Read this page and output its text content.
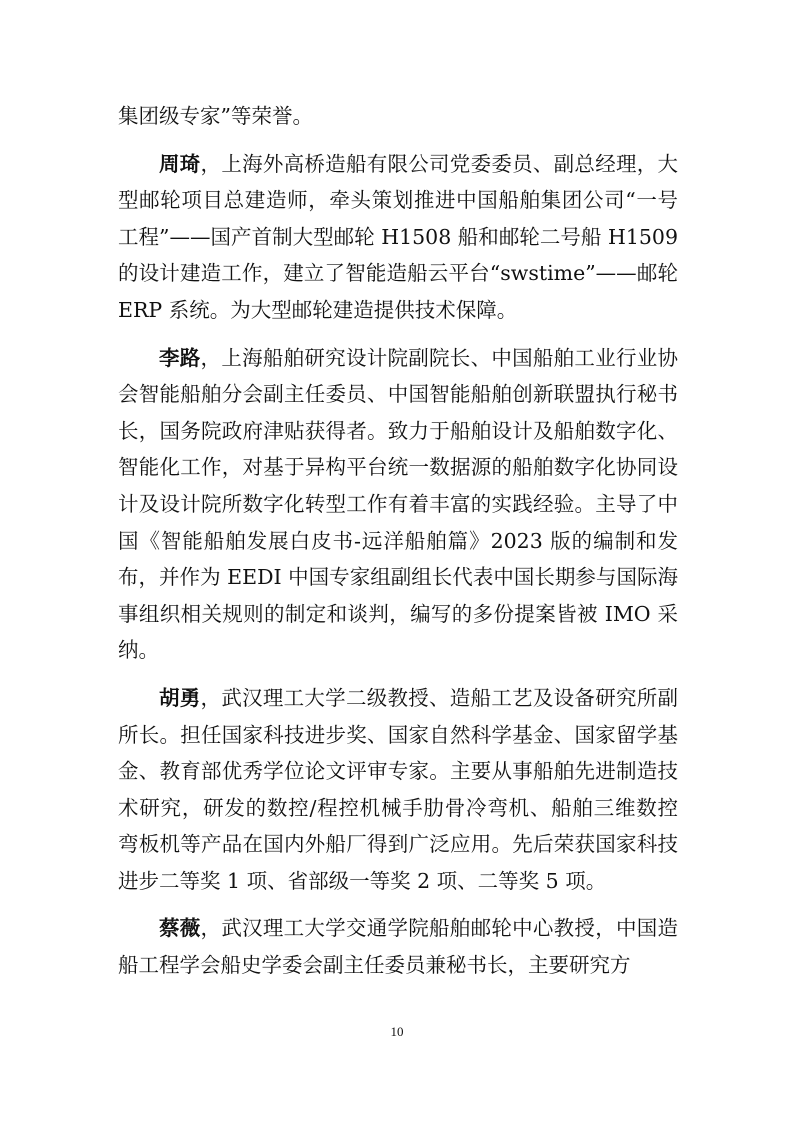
集团级专家”等荣誉。

周琦，上海外高桥造船有限公司党委委员、副总经理，大型邮轮项目总建造师，牵头策划推进中国船舶集团公司“一号工程”——国产首制大型邮轮 H1508 船和邮轮二号船 H1509 的设计建造工作，建立了智能造船云平台“swstime”——邮轮 ERP 系统。为大型邮轮建造提供技术保障。

李路，上海船舶研究设计院副院长、中国船舶工业行业协会智能船舶分会副主任委员、中国智能船舶创新联盟执行秘书长，国务院政府津贴获得者。致力于船舶设计及船舶数字化、智能化工作，对基于异构平台统一数据源的船舶数字化协同设计及设计院所数字化转型工作有着丰富的实践经验。主导了中国《智能船舶发展白皮书-远洋船舶篇》2023 版的编制和发布，并作为 EEDI 中国专家组副组长代表中国长期参与国际海事组织相关规则的制定和谈判，编写的多份提案皆被 IMO 采纳。

胡勇，武汉理工大学二级教授、造船工艺及设备研究所副所长。担任国家科技进步奖、国家自然科学基金、国家留学基金、教育部优秀学位论文评审专家。主要从事船舶先进制造技术研究，研发的数控/程控机械手肋骨冷弯机、船舶三维数控弯板机等产品在国内外船厂得到广泛应用。先后荣获国家科技进步二等奖 1 项、省部级一等奖 2 项、二等奖 5 项。

蔡薇，武汉理工大学交通学院船舶邮轮中心教授，中国造船工程学会船史学委会副主任委员兼秘书长，主要研究方

10
